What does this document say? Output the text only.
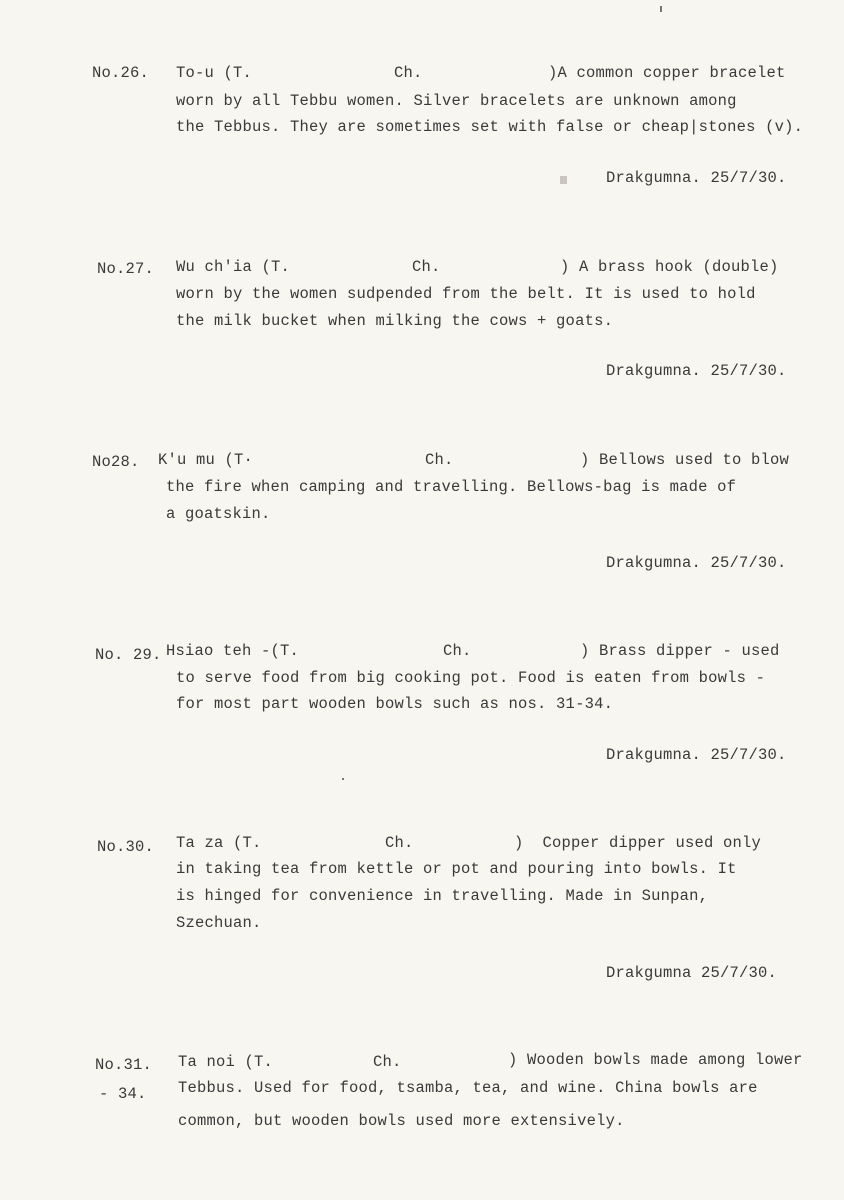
No.26. To-u (T.	Ch.	)A common copper bracelet
worn by all Tebbu women. Silver bracelets are unknown among
the Tebbus. They are sometimes set with false or cheap|stones (v).
Drakgumna. 25/7/30.
No.27. Wu ch'ia (T.	Ch.	) A brass hook (double)
worn by the women sudpended from the belt. It is used to hold
the milk bucket when milking the cows + goats.
Drakgumna. 25/7/30.
No28. K'u mu (T·	Ch.	) Bellows used to blow
the fire when camping and travelling. Bellows-bag is made of
a goatskin.
Drakgumna. 25/7/30.
No. 29. Hsiao teh -(T.	Ch.	) Brass dipper - used
to serve food from big cooking pot. Food is eaten from bowls -
for most part wooden bowls such as nos. 31-34.
Drakgumna. 25/7/30.
No.30. Ta za (T.	Ch.	)  Copper dipper used only
in taking tea from kettle or pot and pouring into bowls. It
is hinged for convenience in travelling. Made in Sunpan,
Szechuan.
Drakgumna 25/7/30.
No.31.
- 34.
Ta noi (T.	Ch.	) Wooden bowls made among lower
Tebbus. Used for food, tsamba, tea, and wine. China bowls are
common, but wooden bowls used more extensively.
